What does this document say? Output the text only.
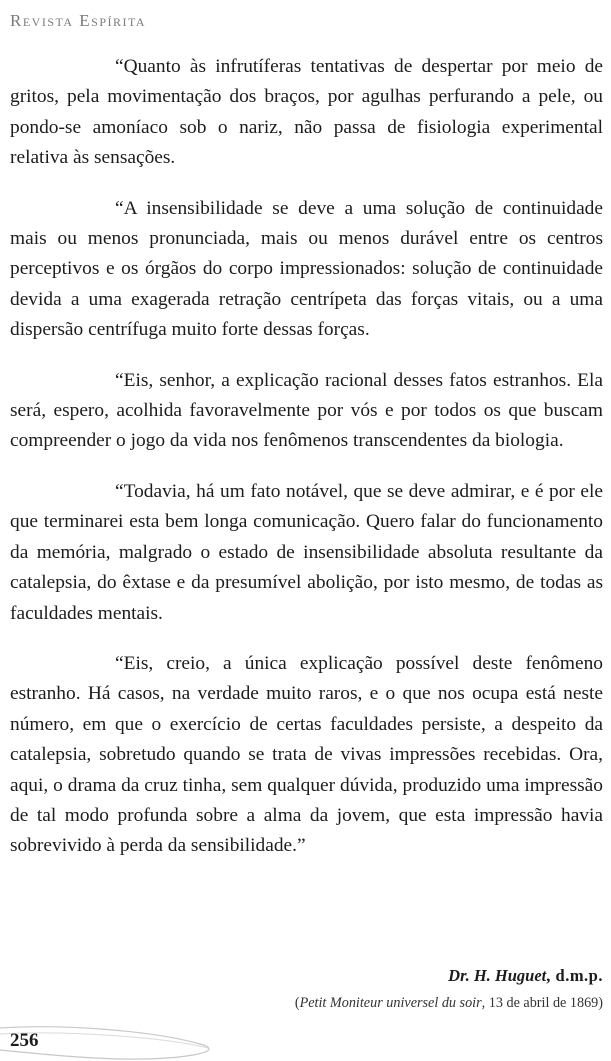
Revista Espírita

“Quanto às infrutíferas tentativas de despertar por meio de gritos, pela movimentação dos braços, por agulhas perfurando a pele, ou pondo-se amoníaco sob o nariz, não passa de fisiologia experimental relativa às sensações.

“A insensibilidade se deve a uma solução de continuidade mais ou menos pronunciada, mais ou menos durável entre os centros perceptivos e os órgãos do corpo impressionados: solução de continuidade devida a uma exagerada retração centrípeta das forças vitais, ou a uma dispersão centrífuga muito forte dessas forças.

“Eis, senhor, a explicação racional desses fatos estranhos. Ela será, espero, acolhida favoravelmente por vós e por todos os que buscam compreender o jogo da vida nos fenômenos transcendentes da biologia.

“Todavia, há um fato notável, que se deve admirar, e é por ele que terminarei esta bem longa comunicação. Quero falar do funcionamento da memória, malgrado o estado de insensibilidade absoluta resultante da catalepsia, do êxtase e da presumível abolição, por isto mesmo, de todas as faculdades mentais.

“Eis, creio, a única explicação possível deste fenômeno estranho. Há casos, na verdade muito raros, e o que nos ocupa está neste número, em que o exercício de certas faculdades persiste, a despeito da catalepsia, sobretudo quando se trata de vivas impressões recebidas. Ora, aqui, o drama da cruz tinha, sem qualquer dúvida, produzido uma impressão de tal modo profunda sobre a alma da jovem, que esta impressão havia sobrevivido à perda da sensibilidade.”

Dr. H. Huguet, d.m.p.
(Petit Moniteur universel du soir, 13 de abril de 1869)
256
